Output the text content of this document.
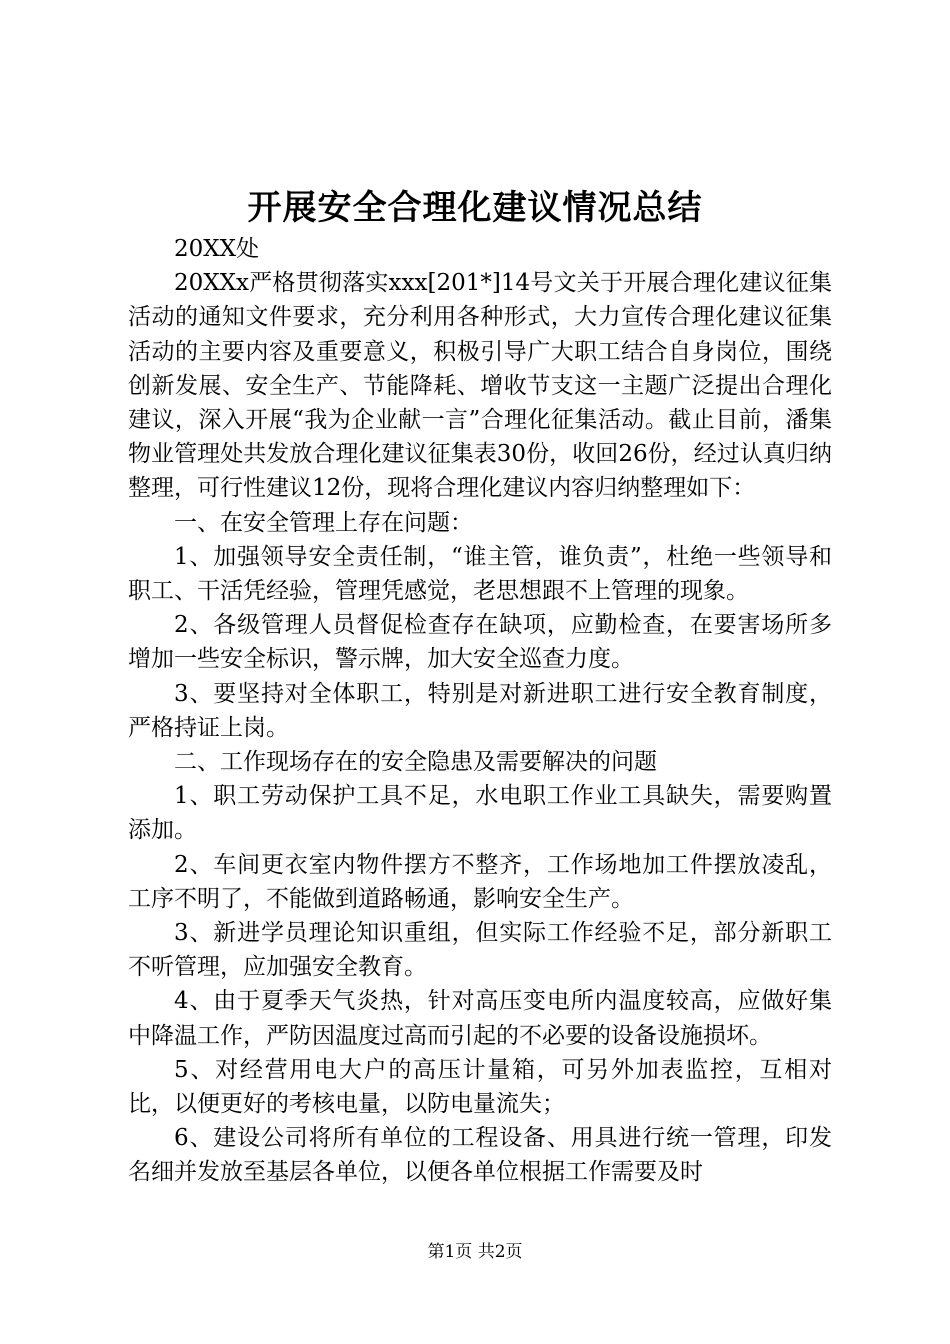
开展安全合理化建议情况总结

20XX处

20XXx严格贯彻落实xxx[201*]14号文关于开展合理化建议征集活动的通知文件要求，充分利用各种形式，大力宣传合理化建议征集活动的主要内容及重要意义，积极引导广大职工结合自身岗位，围绕创新发展、安全生产、节能降耗、增收节支这一主题广泛提出合理化建议，深入开展“我为企业献一言”合理化征集活动。截止目前，潘集物业管理处共发放合理化建议征集表30份，收回26份，经过认真归纳整理，可行性建议12份，现将合理化建议内容归纳整理如下：

一、在安全管理上存在问题：

1、加强领导安全责任制，“谁主管，谁负责”，杜绝一些领导和职工、干活凭经验，管理凭感觉，老思想跟不上管理的现象。

2、各级管理人员督促检查存在缺项，应勤检查，在要害场所多增加一些安全标识，警示牌，加大安全巡查力度。

3、要坚持对全体职工，特别是对新进职工进行安全教育制度，严格持证上岗。

二、工作现场存在的安全隐患及需要解决的问题

1、职工劳动保护工具不足，水电职工作业工具缺失，需要购置添加。

2、车间更衣室内物件摆方不整齐，工作场地加工件摆放凌乱，工序不明了，不能做到道路畅通，影响安全生产。

3、新进学员理论知识重组，但实际工作经验不足，部分新职工不听管理，应加强安全教育。

4、由于夏季天气炎热，针对高压变电所内温度较高，应做好集中降温工作，严防因温度过高而引起的不必要的设备设施损坏。

5、对经营用电大户的高压计量箱，可另外加表监控，互相对比，以便更好的考核电量，以防电量流失；

6、建设公司将所有单位的工程设备、用具进行统一管理，印发名细并发放至基层各单位，以便各单位根据工作需要及时

第1页 共2页
